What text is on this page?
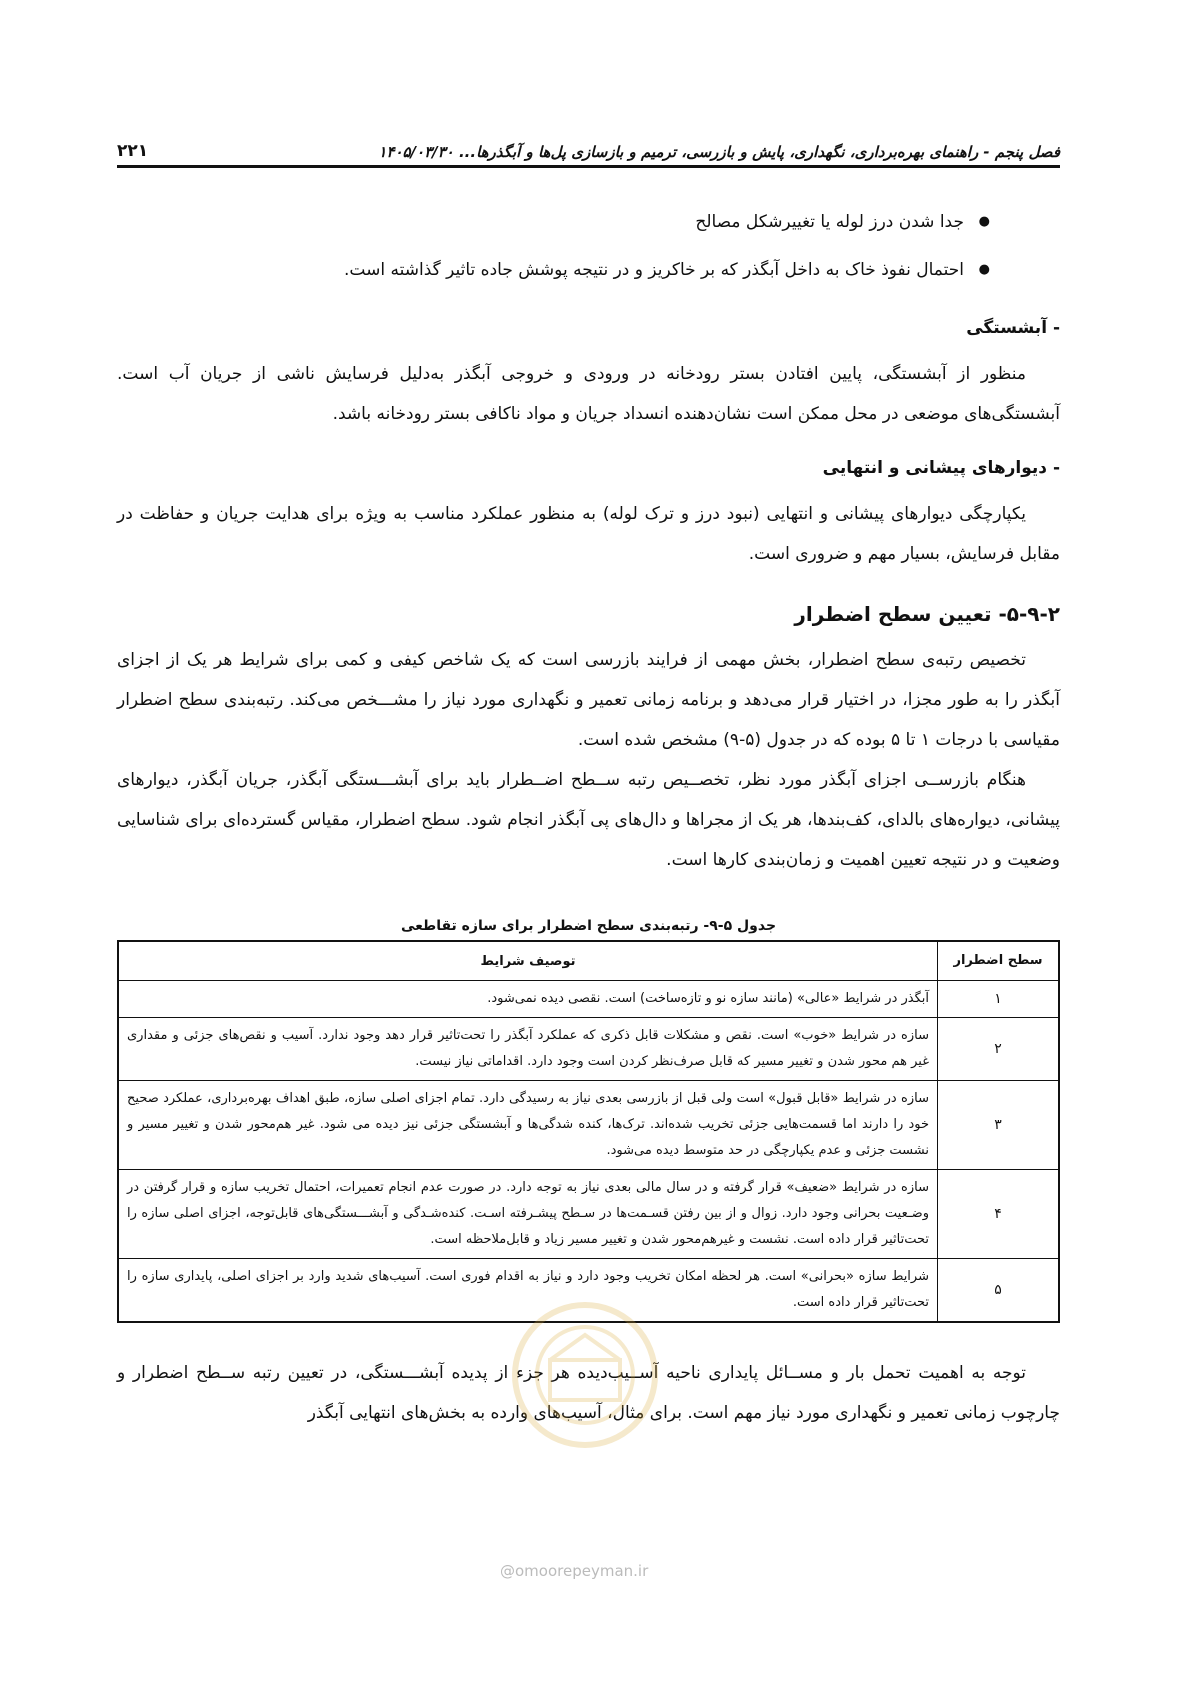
فصل پنجم - راهنمای بهره‌برداری، نگهداری، پایش و بازرسی، ترمیم و بازسازی پل‌ها و آبگذرها... ۱۴۰۵/۰۳/۳۰
۲۲۱
● جدا شدن درز لوله یا تغییرشکل مصالح
● احتمال نفوذ خاک به داخل آبگذر که بر خاکریز و در نتیجه پوشش جاده تاثیر گذاشته است.
- آبشستگی

منظور از آبشستگی، پایین افتادن بستر رودخانه در ورودی و خروجی آبگذر به‌دلیل فرسایش ناشی از جریان آب است. آبشستگی‌های موضعی در محل ممکن است نشان‌دهنده انسداد جریان و مواد ناکافی بستر رودخانه باشد.

- دیوارهای پیشانی و انتهایی

یکپارچگی دیوارهای پیشانی و انتهایی (نبود درز و ترک لوله) به منظور عملکرد مناسب به ویژه برای هدایت جریان و حفاظت در مقابل فرسایش، بسیار مهم و ضروری است.

۵-۹-۲- تعیین سطح اضطرار

تخصیص رتبه‌ی سطح اضطرار، بخش مهمی از فرایند بازرسی است که یک شاخص کیفی و کمی برای شرایط هر یک از اجزای آبگذر را به طور مجزا، در اختیار قرار می‌دهد و برنامه زمانی تعمیر و نگهداری مورد نیاز را مشـــخص می‌کند. رتبه‌بندی سطح اضطرار مقیاسی با درجات ۱ تا ۵ بوده که در جدول (۵-۹) مشخص شده است.

هنگام بازرســی اجزای آبگذر مورد نظر، تخصــیص رتبه ســطح اضــطرار باید برای آبشـــستگی آبگذر، جریان آبگذر، دیوارهای پیشانی، دیواره‌های بالدای، کف‌بندها، هر یک از مجراها و دال‌های پی آبگذر انجام شود. سطح اضطرار، مقیاس گسترده‌ای برای شناسایی وضعیت و در نتیجه تعیین اهمیت و زمان‌بندی کارها است.

جدول ۵-۹- رتبه‌بندی سطح اضطرار برای سازه تقاطعی
سطح اضطرار	توصیف شرایط
۱	آبگذر در شرایط «عالی» (مانند سازه نو و تازه‌ساخت) است. نقصی دیده نمی‌شود.
۲	سازه در شرایط «خوب» است. نقص و مشکلات قابل ذکری که عملکرد آبگذر را تحت‌تاثیر قرار دهد وجود ندارد. آسیب و نقص‌های جزئی و مقداری غیر هم محور شدن و تغییر مسیر که قابل صرف‌نظر کردن است وجود دارد. اقداماتی نیاز نیست.
۳	سازه در شرایط «قابل قبول» است ولی قبل از بازرسی بعدی نیاز به رسیدگی دارد. تمام اجزای اصلی سازه، طبق اهداف بهره‌برداری، عملکرد صحیح خود را دارند اما قسمت‌هایی جزئی تخریب شده‌اند. ترک‌ها، کنده شدگی‌ها و آبشستگی جزئی نیز دیده می شود. غیر هم‌محور شدن و تغییر مسیر و نشست جزئی و عدم یکپارچگی در حد متوسط دیده می‌شود.
۴	سازه در شرایط «ضعیف» قرار گرفته و در سال مالی بعدی نیاز به توجه دارد. در صورت عدم انجام تعمیرات، احتمال تخریب سازه و قرار گرفتن در وضـعیت بحرانی وجود دارد. زوال و از بین رفتن قسـمت‌ها در سـطح پیشـرفته اسـت. کنده‌شـدگی و آبشـــستگی‌های قابل‌توجه، اجزای اصلی سازه را تحت‌تاثیر قرار داده است. نشست و غیرهم‌محور شدن و تغییر مسیر زیاد و قابل‌ملاحظه است.
۵	شرایط سازه «بحرانی» است. هر لحظه امکان تخریب وجود دارد و نیاز به اقدام فوری است. آسیب‌های شدید وارد بر اجزای اصلی، پایداری سازه را تحت‌تاثیر قرار داده است.

توجه به اهمیت تحمل بار و مســائل پایداری ناحیه آســیب‌دیده هر جزء از پدیده آبشـــستگی، در تعیین رتبه ســطح اضطرار و چارچوب زمانی تعمیر و نگهداری مورد نیاز مهم است. برای مثال، آسیب‌های وارده به بخش‌های انتهایی آبگذر

@omoorepeyman.ir
